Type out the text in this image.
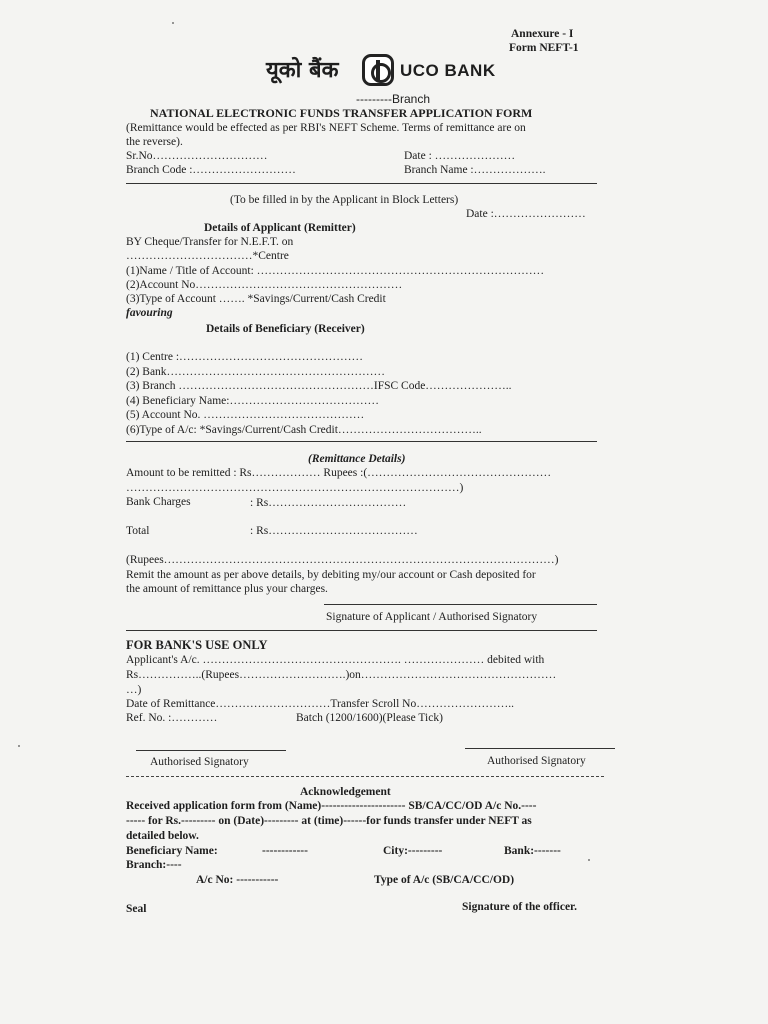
Annexure - I
Form NEFT-1
यूको बैंक	UCO BANK
---------Branch
NATIONAL ELECTRONIC FUNDS TRANSFER APPLICATION FORM
(Remittance would be effected as per RBI's NEFT Scheme. Terms of remittance are on
the reverse).
Sr.No…………………………	Date : …………………
Branch Code :………………………	Branch Name :……………….
(To be filled in by the Applicant in Block Letters)
Date :……………………
Details of Applicant (Remitter)
BY Cheque/Transfer for N.E.F.T. on
……………………………*Centre
(1)Name / Title of Account: …………………………………………………………………
(2)Account No………………………………………………
(3)Type of Account ……. *Savings/Current/Cash Credit
favouring
Details of Beneficiary (Receiver)
(1) Centre :…………………………………………
(2) Bank…………………………………………………
(3) Branch ……………………………………………IFSC Code…………………..
(4) Beneficiary Name:…………………………………
(5) Account No. ……………………………………
(6)Type of A/c: *Savings/Current/Cash Credit………………………………..
(Remittance Details)
Amount to be remitted : Rs……………… Rupees :(…………………………………………
……………………………………………………………………………)
Bank Charges	: Rs………………………………
Total	: Rs…………………………………
(Rupees…………………………………………………………………………………………)
Remit the amount as per above details, by debiting my/our account or Cash deposited for
the amount of remittance plus your charges.
Signature of Applicant / Authorised Signatory
FOR BANK'S USE ONLY
Applicant's A/c. ……………………………………………. ………………… debited with
Rs……………..(Rupees……………………….)on……………………………………………
…)
Date of Remittance…………………………Transfer Scroll No……………………..
Ref. No. :…………	Batch (1200/1600)(Please Tick)
Authorised Signatory	Authorised Signatory
Acknowledgement
Received application form from (Name)---------------------- SB/CA/CC/OD A/c No.----
----- for Rs.--------- on (Date)--------- at (time)------for funds transfer under NEFT as
detailed below.
Beneficiary Name:	------------	City:---------	Bank:-------
Branch:----
A/c No: -----------	Type of A/c (SB/CA/CC/OD)
Seal	Signature of the officer.
